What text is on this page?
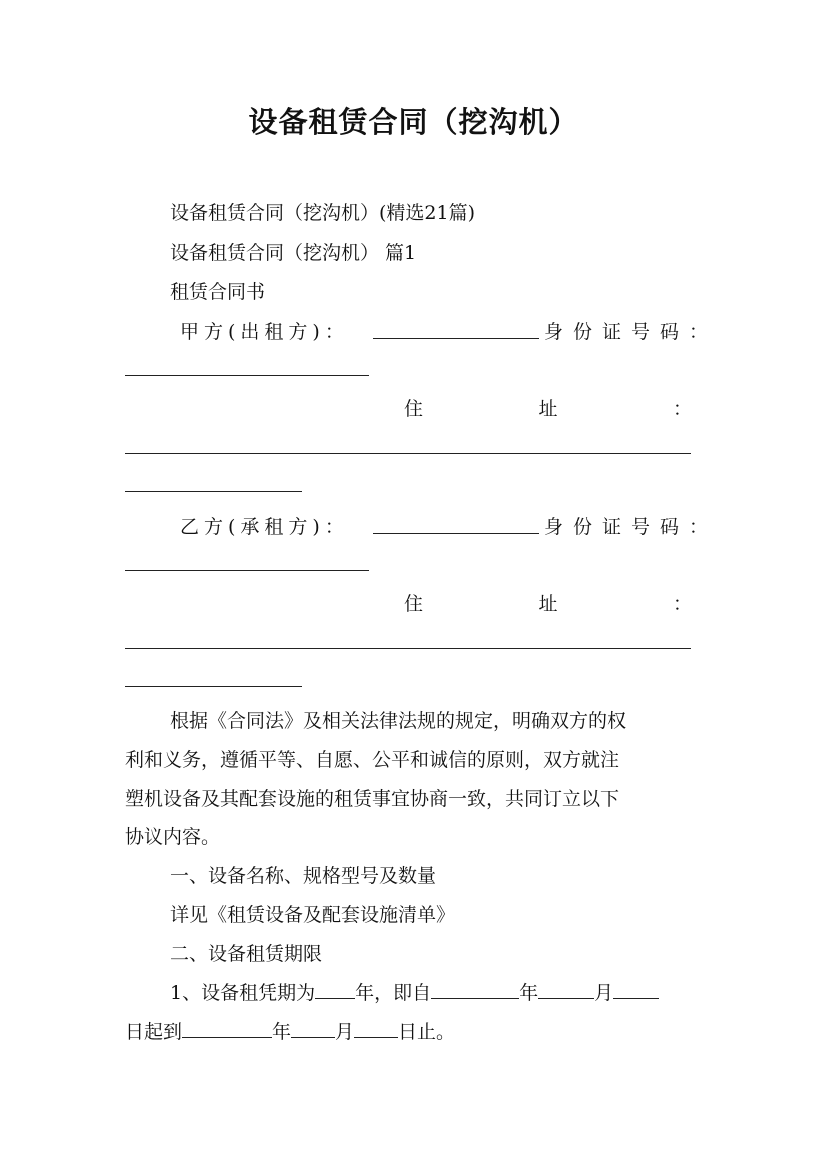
设备租赁合同（挖沟机）
设备租赁合同（挖沟机）(精选21篇)
设备租赁合同（挖沟机） 篇1
租赁合同书
甲方(出租方)：	身份证号码：
住	址	：
乙方(承租方)：	身份证号码：
住	址	：
根据《合同法》及相关法律法规的规定，明确双方的权
利和义务，遵循平等、自愿、公平和诚信的原则，双方就注
塑机设备及其配套设施的租赁事宜协商一致，共同订立以下
协议内容。
一、设备名称、规格型号及数量
详见《租赁设备及配套设施清单》
二、设备租赁期限
1、设备租凭期为 年，即自	年	月
日起到	年 月 日止。
